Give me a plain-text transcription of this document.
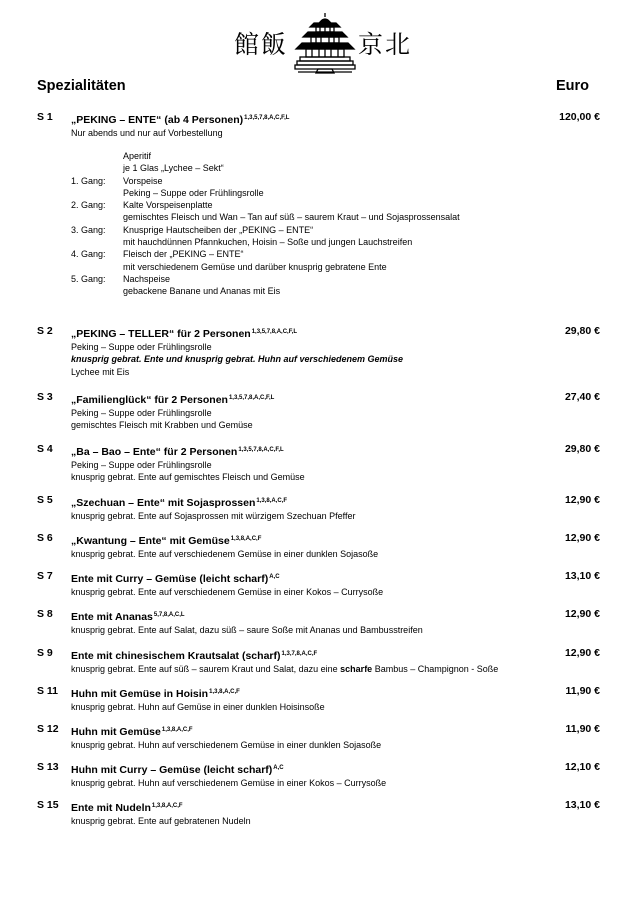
館飯	京北
Spezialitäten	Euro
S 1 „PEKING – ENTE“ (ab 4 Personen)$^{1,3,5,7,8,A,C,F,L}$
Nur abends und nur auf Vorbestellung
120,00 €
Aperitif
je 1 Glas „Lychee – Sekt“
1. Gang: Vorspeise
Peking – Suppe oder Frühlingsrolle
2. Gang: Kalte Vorspeisenplatte
gemischtes Fleisch und Wan – Tan auf süß – saurem Kraut – und Sojasprossensalat
3. Gang: Knusprige Hautscheiben der „PEKING – ENTE“
mit hauchdünnen Pfannkuchen, Hoisin – Soße und jungen Lauchstreifen
4. Gang: Fleisch der „PEKING – ENTE“
mit verschiedenem Gemüse und darüber knusprig gebratene Ente
5. Gang: Nachspeise
gebackene Banane und Ananas mit Eis
S 2 „PEKING – TELLER“ für 2 Personen$^{1,3,5,7,8,A,C,F,L}$
Peking – Suppe oder Frühlingsrolle
knusprig gebrat. Ente und knusprig gebrat. Huhn auf verschiedenem Gemüse
Lychee mit Eis
29,80 €
S 3 „Familienglück“ für 2 Personen$^{1,3,5,7,8,A,C,F,L}$
Peking – Suppe oder Frühlingsrolle
gemischtes Fleisch mit Krabben und Gemüse
27,40 €
S 4 „Ba – Bao – Ente“ für 2 Personen$^{1,3,5,7,8,A,C,F,L}$
Peking – Suppe oder Frühlingsrolle
knusprig gebrat. Ente auf gemischtes Fleisch und Gemüse
29,80 €
S 5 „Szechuan – Ente“ mit Sojasprossen$^{1,3,8,A,C,F}$
knusprig gebrat. Ente auf Sojasprossen mit würzigem Szechuan Pfeffer
12,90 €
S 6 „Kwantung – Ente“ mit Gemüse$^{1,3,8,A,C,F}$
knusprig gebrat. Ente auf verschiedenem Gemüse in einer dunklen Sojasoße
12,90 €
S 7 Ente mit Curry – Gemüse (leicht scharf)$^{A,C}$
knusprig gebrat. Ente auf verschiedenem Gemüse in einer Kokos – Currysoße
13,10 €
S 8 Ente mit Ananas$^{5,7,8,A,C,L}$
knusprig gebrat. Ente auf Salat, dazu süß – saure Soße mit Ananas und Bambusstreifen
12,90 €
S 9 Ente mit chinesischem Krautsalat (scharf)$^{1,3,7,8,A,C,F}$
knusprig gebrat. Ente auf süß – saurem Kraut und Salat, dazu eine scharfe Bambus – Champignon - Soße
12,90 €
S 11 Huhn mit Gemüse in Hoisin$^{1,3,8,A,C,F}$
knusprig gebrat. Huhn auf Gemüse in einer dunklen Hoisinsoße
11,90 €
S 12 Huhn mit Gemüse$^{1,3,8,A,C,F}$
knusprig gebrat. Huhn auf verschiedenem Gemüse in einer dunklen Sojasoße
11,90 €
S 13 Huhn mit Curry – Gemüse (leicht scharf)$^{A,C}$
knusprig gebrat. Huhn auf verschiedenem Gemüse in einer Kokos – Currysoße
12,10 €
S 15 Ente mit Nudeln$^{1,3,8,A,C,F}$
knusprig gebrat. Ente auf gebratenen Nudeln
13,10 €
